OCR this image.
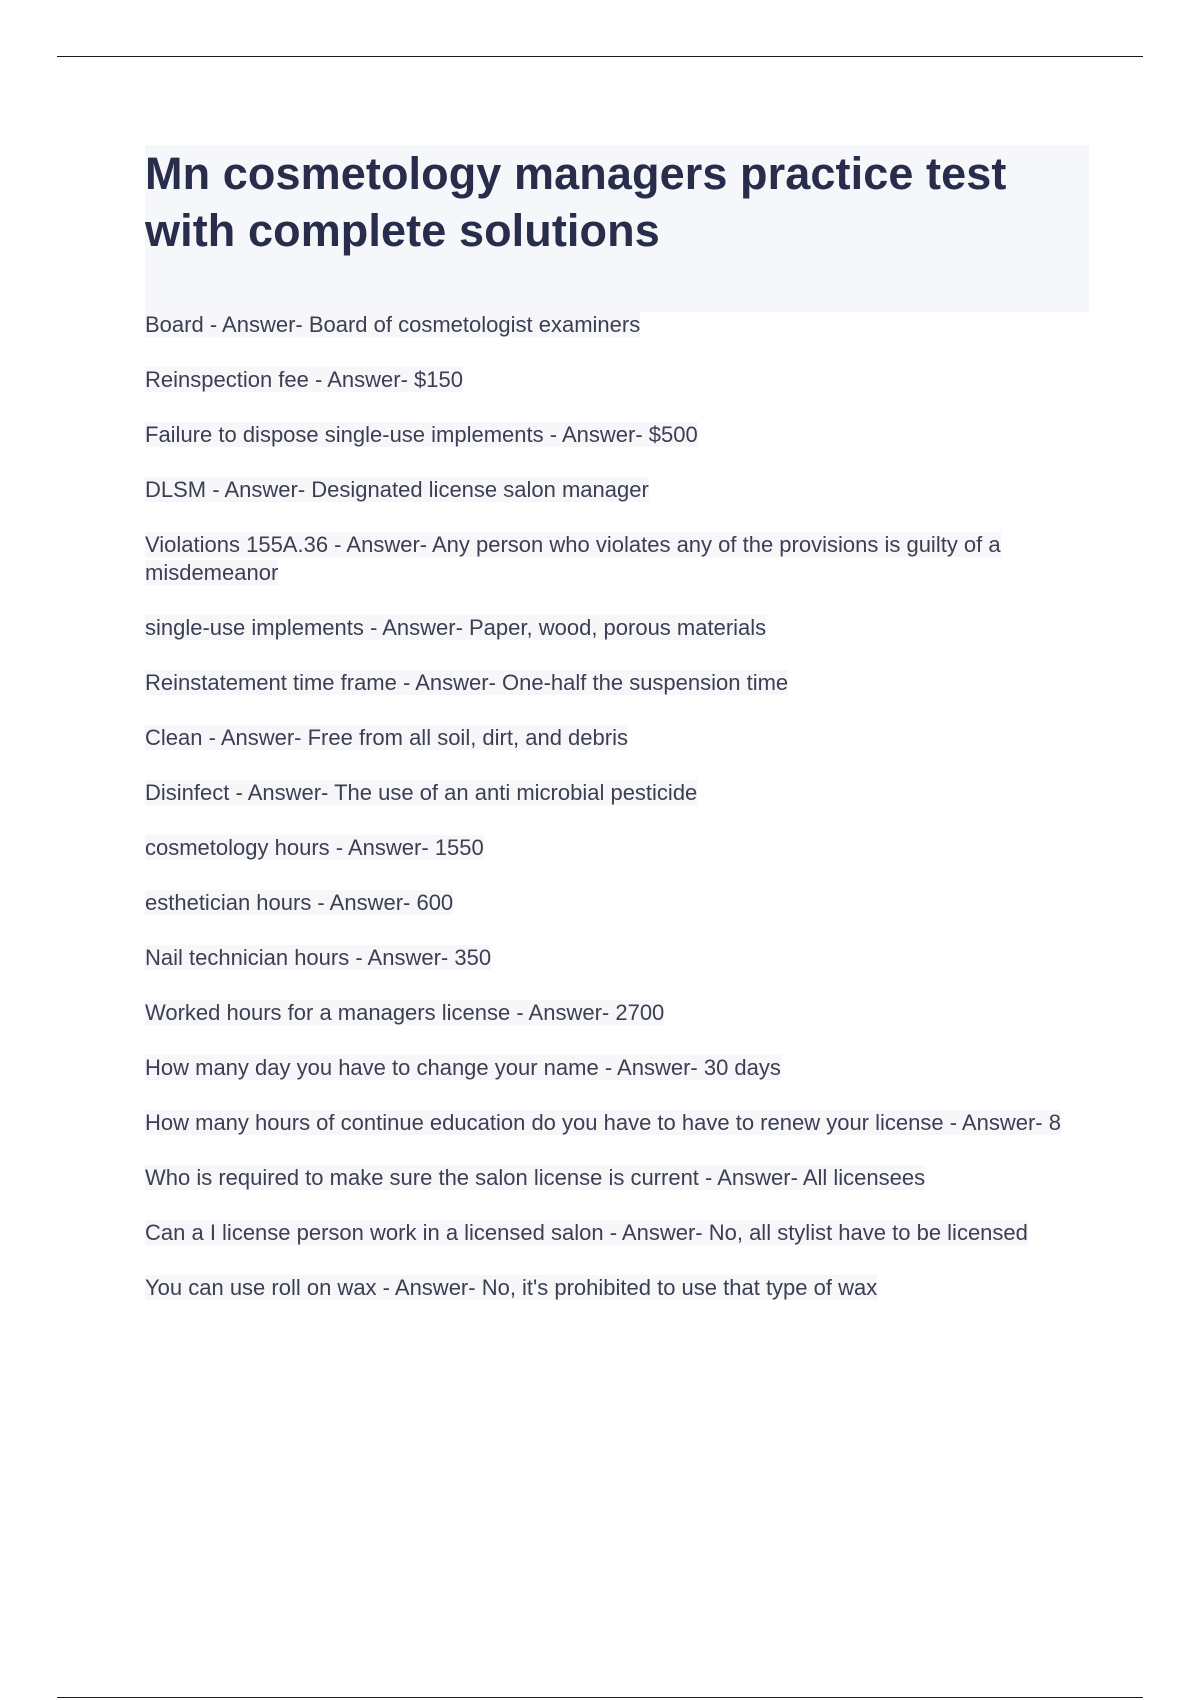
Mn cosmetology managers practice test with complete solutions
Board - Answer- Board of cosmetologist examiners
Reinspection fee - Answer- $150
Failure to dispose single-use implements - Answer- $500
DLSM - Answer- Designated license salon manager
Violations 155A.36 - Answer- Any person who violates any of the provisions is guilty of a misdemeanor
single-use implements - Answer- Paper, wood, porous materials
Reinstatement time frame - Answer- One-half the suspension time
Clean - Answer- Free from all soil, dirt, and debris
Disinfect - Answer- The use of an anti microbial pesticide
cosmetology hours - Answer- 1550
esthetician hours - Answer- 600
Nail technician hours - Answer- 350
Worked hours for a managers license - Answer- 2700
How many day you have to change your name - Answer- 30 days
How many hours of continue education do you have to have to renew your license - Answer- 8
Who is required to make sure the salon license is current - Answer- All licensees
Can a I license person work in a licensed salon - Answer- No, all stylist have to be licensed
You can use roll on wax - Answer- No, it's prohibited to use that type of wax
